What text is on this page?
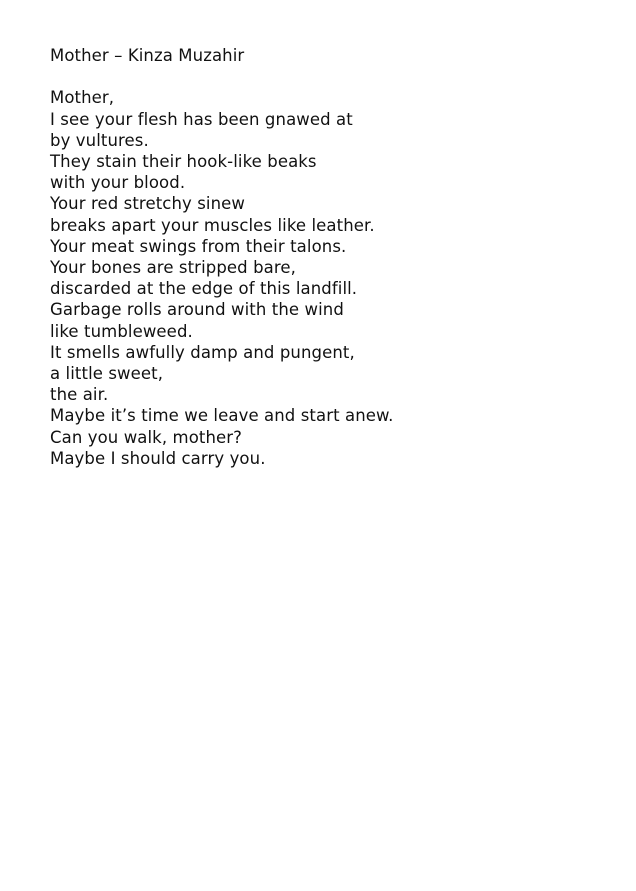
Mother – Kinza Muzahir
Mother,
I see your flesh has been gnawed at
by vultures.
They stain their hook-like beaks
with your blood.
Your red stretchy sinew
breaks apart your muscles like leather.
Your meat swings from their talons.
Your bones are stripped bare,
discarded at the edge of this landfill.
Garbage rolls around with the wind
like tumbleweed.
It smells awfully damp and pungent,
a little sweet,
the air.
Maybe it’s time we leave and start anew.
Can you walk, mother?
Maybe I should carry you.
